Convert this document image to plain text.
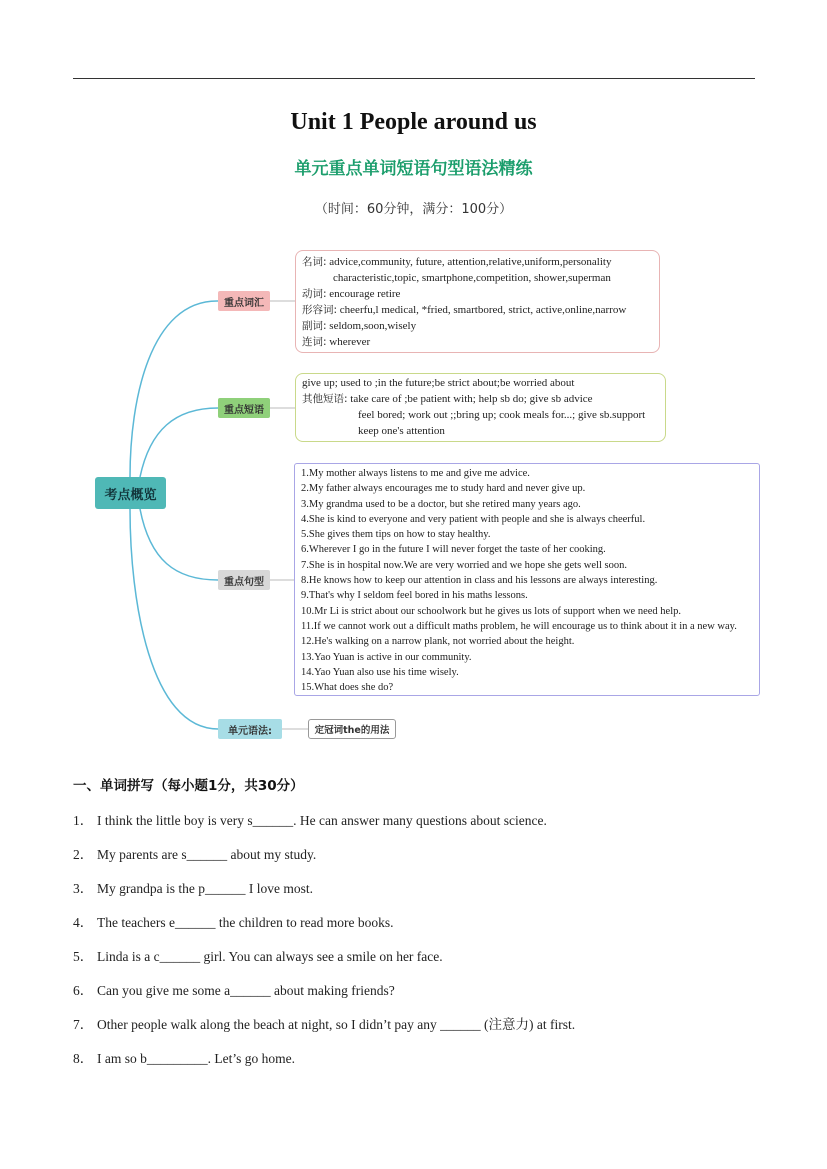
Unit 1 People around us
单元重点单词短语句型语法精练
（时间：60分钟，满分：100分）
考点概览
重点词汇
重点短语
重点句型
单元语法:
名词: advice,community, future, attention,relative,uniform,personality
characteristic,topic, smartphone,competition, shower,superman
动词: encourage retire
形容词: cheerfu,l medical, *fried, smartbored, strict, active,online,narrow
副词: seldom,soon,wisely
连词: wherever
give up; used to ;in the future;be strict about;be worried about
其他短语: take care of ;be patient with; help sb do; give sb advice
feel bored; work out ;;bring up; cook meals for...; give sb.support
keep one's attention
1.My mother always listens to me and give me advice.
2.My father always encourages me to study hard and never give up.
3.My grandma used to be a doctor, but she retired many years ago.
4.She is kind to everyone and very patient with people and she is always cheerful.
5.She gives them tips on how to stay healthy.
6.Wherever I go in the future I will never forget the taste of her cooking.
7.She is in hospital now.We are very worried and we hope she gets well soon.
8.He knows how to keep our attention in class and his lessons are always interesting.
9.That's why I seldom feel bored in his maths lessons.
10.Mr Li is strict about our schoolwork but he gives us lots of support when we need help.
11.If we cannot work out a difficult maths problem, he will encourage us to think about it in a new way.
12.He's walking on a narrow plank, not worried about the height.
13.Yao Yuan is active in our community.
14.Yao Yuan also use his time wisely.
15.What does she do?
定冠词the的用法
一、单词拼写（每小题1分，共30分）
1． I think the little boy is very s______. He can answer many questions about science.
2． My parents are s______ about my study.
3． My grandpa is the p______ I love most.
4． The teachers e______ the children to read more books.
5． Linda is a c______ girl. You can always see a smile on her face.
6． Can you give me some a______ about making friends?
7． Other people walk along the beach at night, so I didn’t pay any ______ (注意力) at first.
8． I am so b_________. Let’s go home.
